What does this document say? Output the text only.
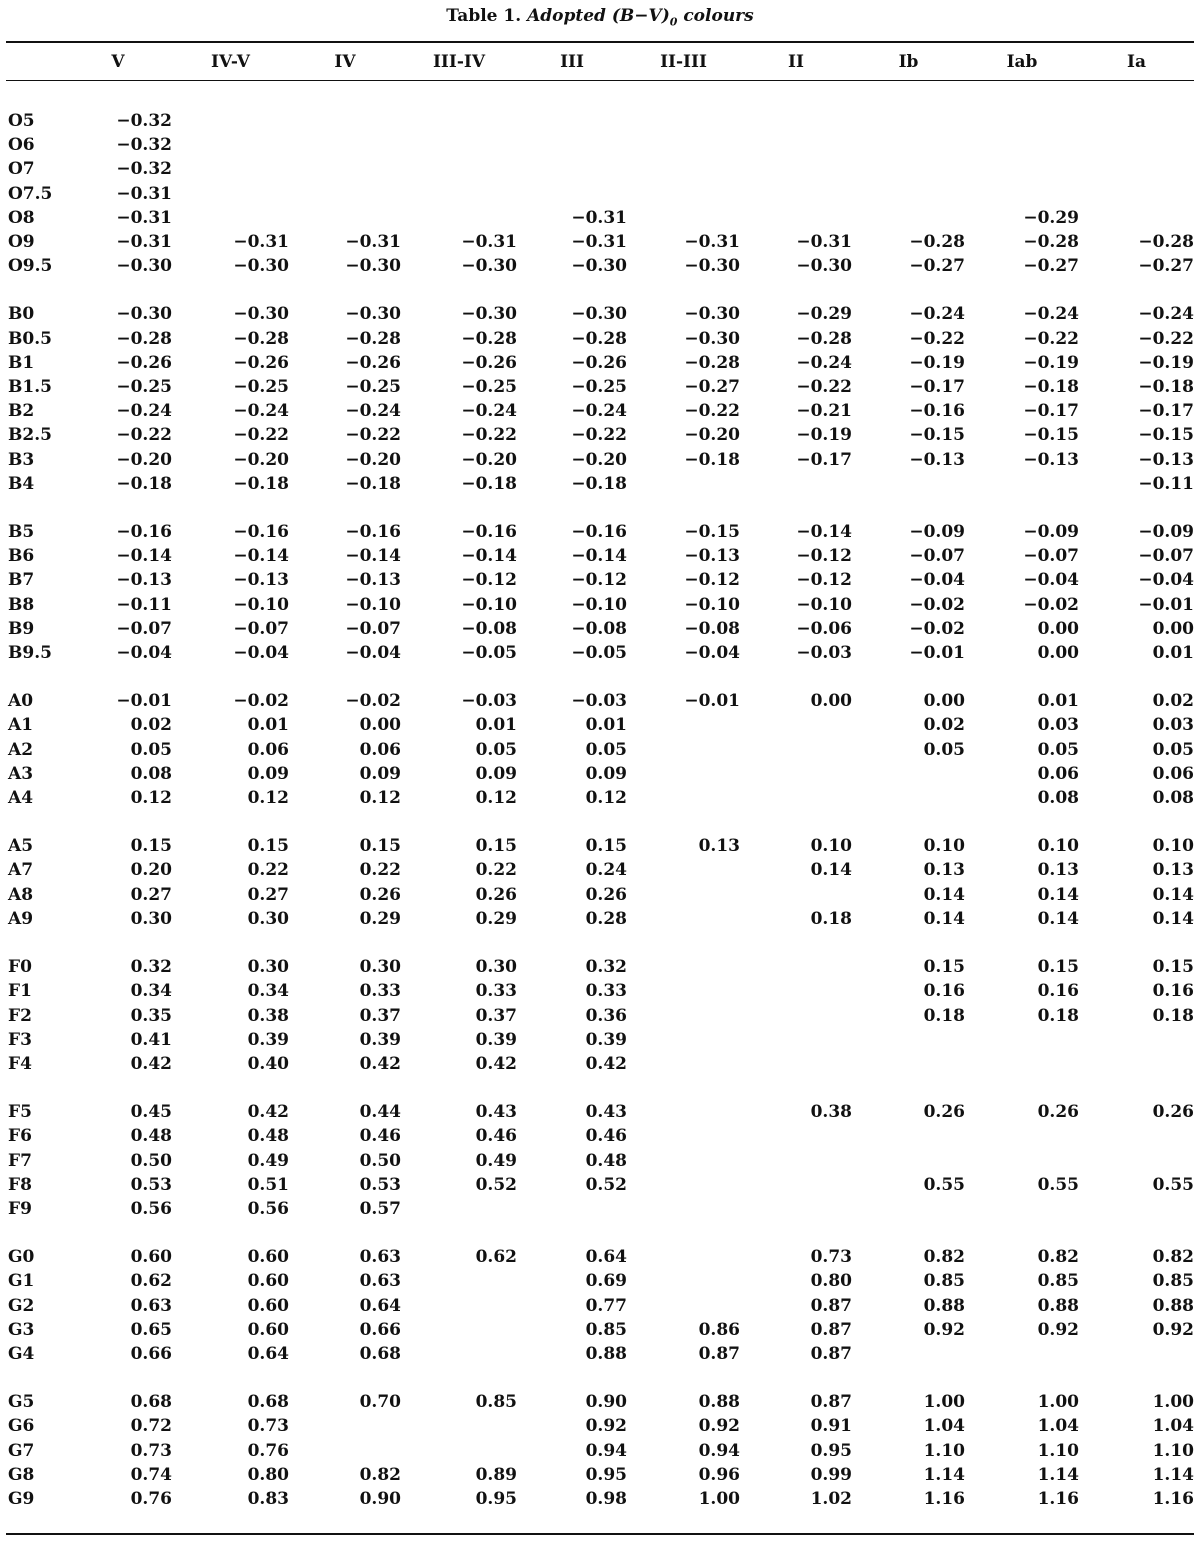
Table 1. Adopted $(B-V)_0$ colours
	V	IV-V	IV	III-IV	III	II-III	II	Ib	Iab	Ia

O5	−0.32									
O6	−0.32									
O7	−0.32									
O7.5	−0.31									
O8	−0.31				−0.31				−0.29	
O9	−0.31	−0.31	−0.31	−0.31	−0.31	−0.31	−0.31	−0.28	−0.28	−0.28
O9.5	−0.30	−0.30	−0.30	−0.30	−0.30	−0.30	−0.30	−0.27	−0.27	−0.27

B0	−0.30	−0.30	−0.30	−0.30	−0.30	−0.30	−0.29	−0.24	−0.24	−0.24
B0.5	−0.28	−0.28	−0.28	−0.28	−0.28	−0.30	−0.28	−0.22	−0.22	−0.22
B1	−0.26	−0.26	−0.26	−0.26	−0.26	−0.28	−0.24	−0.19	−0.19	−0.19
B1.5	−0.25	−0.25	−0.25	−0.25	−0.25	−0.27	−0.22	−0.17	−0.18	−0.18
B2	−0.24	−0.24	−0.24	−0.24	−0.24	−0.22	−0.21	−0.16	−0.17	−0.17
B2.5	−0.22	−0.22	−0.22	−0.22	−0.22	−0.20	−0.19	−0.15	−0.15	−0.15
B3	−0.20	−0.20	−0.20	−0.20	−0.20	−0.18	−0.17	−0.13	−0.13	−0.13
B4	−0.18	−0.18	−0.18	−0.18	−0.18					−0.11

B5	−0.16	−0.16	−0.16	−0.16	−0.16	−0.15	−0.14	−0.09	−0.09	−0.09
B6	−0.14	−0.14	−0.14	−0.14	−0.14	−0.13	−0.12	−0.07	−0.07	−0.07
B7	−0.13	−0.13	−0.13	−0.12	−0.12	−0.12	−0.12	−0.04	−0.04	−0.04
B8	−0.11	−0.10	−0.10	−0.10	−0.10	−0.10	−0.10	−0.02	−0.02	−0.01
B9	−0.07	−0.07	−0.07	−0.08	−0.08	−0.08	−0.06	−0.02	0.00	0.00
B9.5	−0.04	−0.04	−0.04	−0.05	−0.05	−0.04	−0.03	−0.01	0.00	0.01

A0	−0.01	−0.02	−0.02	−0.03	−0.03	−0.01	0.00	0.00	0.01	0.02
A1	0.02	0.01	0.00	0.01	0.01			0.02	0.03	0.03
A2	0.05	0.06	0.06	0.05	0.05			0.05	0.05	0.05
A3	0.08	0.09	0.09	0.09	0.09				0.06	0.06
A4	0.12	0.12	0.12	0.12	0.12				0.08	0.08

A5	0.15	0.15	0.15	0.15	0.15	0.13	0.10	0.10	0.10	0.10
A7	0.20	0.22	0.22	0.22	0.24		0.14	0.13	0.13	0.13
A8	0.27	0.27	0.26	0.26	0.26			0.14	0.14	0.14
A9	0.30	0.30	0.29	0.29	0.28		0.18	0.14	0.14	0.14

F0	0.32	0.30	0.30	0.30	0.32			0.15	0.15	0.15
F1	0.34	0.34	0.33	0.33	0.33			0.16	0.16	0.16
F2	0.35	0.38	0.37	0.37	0.36			0.18	0.18	0.18
F3	0.41	0.39	0.39	0.39	0.39					
F4	0.42	0.40	0.42	0.42	0.42					

F5	0.45	0.42	0.44	0.43	0.43		0.38	0.26	0.26	0.26
F6	0.48	0.48	0.46	0.46	0.46					
F7	0.50	0.49	0.50	0.49	0.48					
F8	0.53	0.51	0.53	0.52	0.52			0.55	0.55	0.55
F9	0.56	0.56	0.57							

G0	0.60	0.60	0.63	0.62	0.64		0.73	0.82	0.82	0.82
G1	0.62	0.60	0.63		0.69		0.80	0.85	0.85	0.85
G2	0.63	0.60	0.64		0.77		0.87	0.88	0.88	0.88
G3	0.65	0.60	0.66		0.85	0.86	0.87	0.92	0.92	0.92
G4	0.66	0.64	0.68		0.88	0.87	0.87			

G5	0.68	0.68	0.70	0.85	0.90	0.88	0.87	1.00	1.00	1.00
G6	0.72	0.73			0.92	0.92	0.91	1.04	1.04	1.04
G7	0.73	0.76			0.94	0.94	0.95	1.10	1.10	1.10
G8	0.74	0.80	0.82	0.89	0.95	0.96	0.99	1.14	1.14	1.14
G9	0.76	0.83	0.90	0.95	0.98	1.00	1.02	1.16	1.16	1.16
